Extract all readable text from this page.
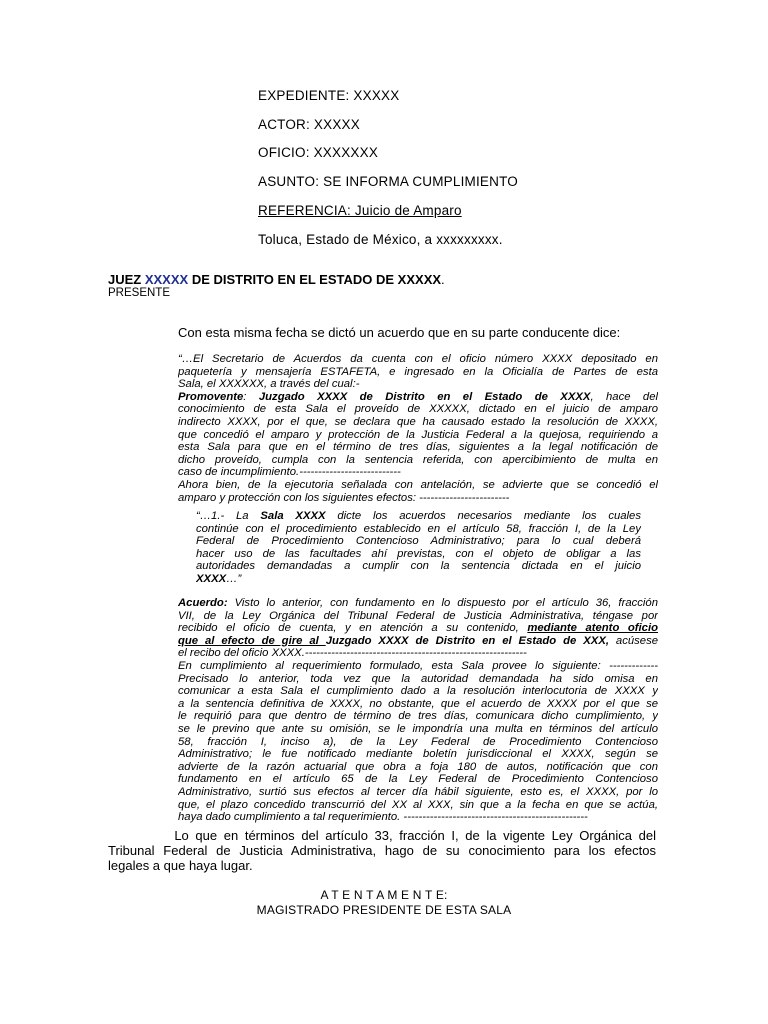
EXPEDIENTE: XXXXX
ACTOR: XXXXX
OFICIO: XXXXXXX
ASUNTO: SE INFORMA CUMPLIMIENTO
REFERENCIA: Juicio de Amparo
Toluca, Estado de México, a xxxxxxxxx.
JUEZ XXXXX DE DISTRITO EN EL ESTADO DE XXXXX.
PRESENTE
Con esta misma fecha se dictó un acuerdo que en su parte conducente dice:
“…El Secretario de Acuerdos da cuenta con el oficio número XXXX depositado en
paquetería y mensajería ESTAFETA, e ingresado en la Oficialía de Partes de esta
Sala, el XXXXXX, a través del cual:-
Promovente: Juzgado XXXX de Distrito en el Estado de XXXX, hace del
conocimiento de esta Sala el proveído de XXXXX, dictado en el juicio de amparo
indirecto XXXX, por el que, se declara que ha causado estado la resolución de XXXX,
que concedió el amparo y protección de la Justicia Federal a la quejosa, requiriendo a
esta Sala para que en el término de tres días, siguientes a la legal notificación de
dicho proveído, cumpla con la sentencia referida, con apercibimiento de multa en
caso de incumplimiento.---------------------------
Ahora bien, de la ejecutoria señalada con antelación, se advierte que se concedió el
amparo y protección con los siguientes efectos: ------------------------
“…1.- La Sala XXXX dicte los acuerdos necesarios mediante los cuales
continúe con el procedimiento establecido en el artículo 58, fracción I, de la Ley
Federal de Procedimiento Contencioso Administrativo; para lo cual deberá
hacer uso de las facultades ahí previstas, con el objeto de obligar a las
autoridades demandadas a cumplir con la sentencia dictada en el juicio
XXXX…”
Acuerdo: Visto lo anterior, con fundamento en lo dispuesto por el artículo 36, fracción
VII, de la Ley Orgánica del Tribunal Federal de Justicia Administrativa, téngase por
recibido el oficio de cuenta, y en atención a su contenido, mediante atento oficio
que al efecto de gire al Juzgado XXXX de Distrito en el Estado de XXX, acúsese
el recibo del oficio XXXX.-----------------------------------------------------------
En cumplimiento al requerimiento formulado, esta Sala provee lo siguiente: -------------
Precisado lo anterior, toda vez que la autoridad demandada ha sido omisa en
comunicar a esta Sala el cumplimiento dado a la resolución interlocutoria de XXXX y
a la sentencia definitiva de XXXX, no obstante, que el acuerdo de XXXX por el que se
le requirió para que dentro de término de tres días, comunicara dicho cumplimiento, y
se le previno que ante su omisión, se le impondría una multa en términos del artículo
58, fracción I, inciso a), de la Ley Federal de Procedimiento Contencioso
Administrativo; le fue notificado mediante boletín jurisdiccional el XXXX, según se
advierte de la razón actuarial que obra a foja 180 de autos, notificación que con
fundamento en el artículo 65 de la Ley Federal de Procedimiento Contencioso
Administrativo, surtió sus efectos al tercer día hábil siguiente, esto es, el XXXX, por lo
que, el plazo concedido transcurrió del XX al XXX, sin que a la fecha en que se actúa,
haya dado cumplimiento a tal requerimiento. -------------------------------------------------
Lo que en términos del artículo 33, fracción I, de la vigente Ley Orgánica del
Tribunal Federal de Justicia Administrativa, hago de su conocimiento para los efectos
legales a que haya lugar.
A T E N T A M E N T E:
MAGISTRADO PRESIDENTE DE ESTA SALA
